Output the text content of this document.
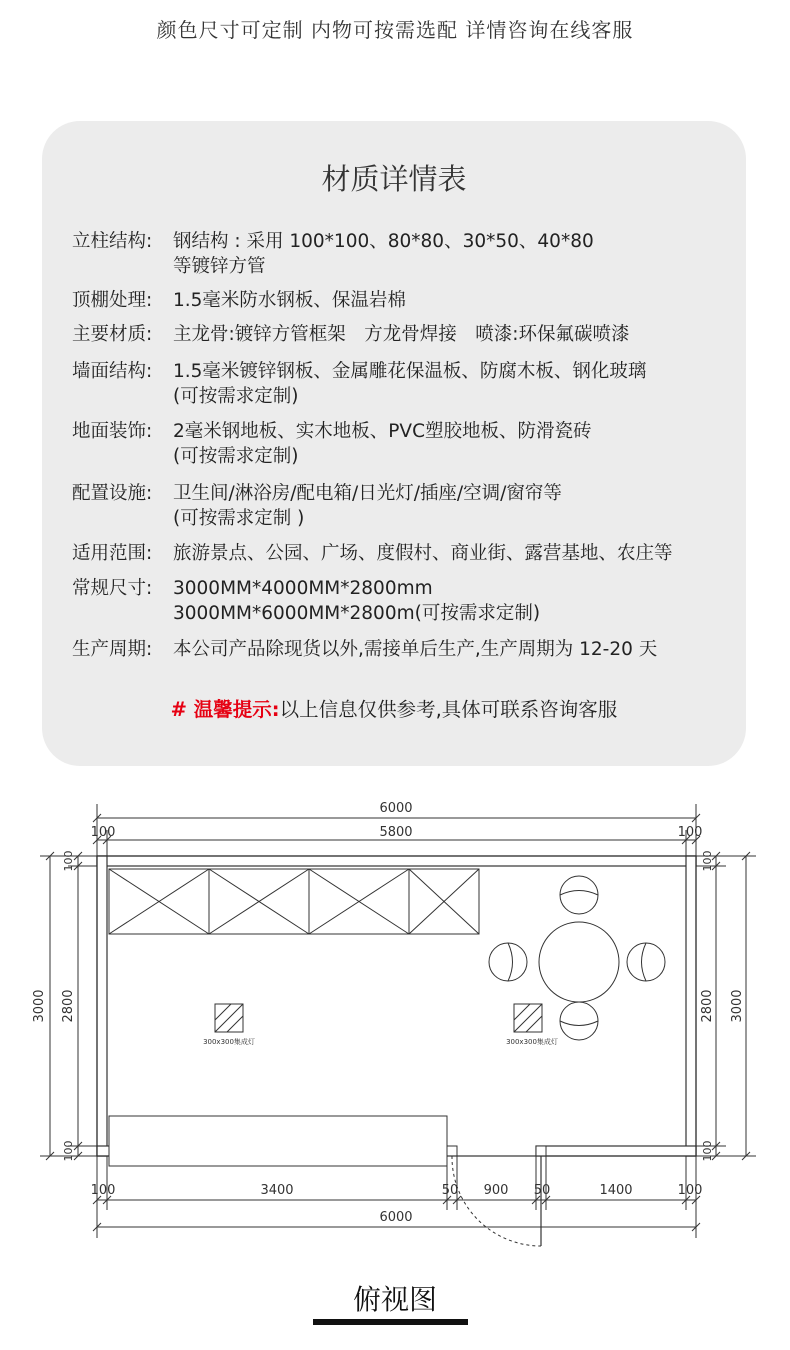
颜色尺寸可定制 内物可按需选配 详情咨询在线客服
材质详情表
立柱结构:	钢结构 : 采用 100*100、80*80、30*50、40*80
等镀锌方管
顶棚处理:	1.5毫米防水钢板、保温岩棉
主要材质:	主龙骨:镀锌方管框架　方龙骨焊接　喷漆:环保氟碳喷漆
墙面结构:	1.5毫米镀锌钢板、金属雕花保温板、防腐木板、钢化玻璃
(可按需求定制)
地面装饰:	2毫米钢地板、实木地板、PVC塑胶地板、防滑瓷砖
(可按需求定制)
配置设施:	卫生间/淋浴房/配电箱/日光灯/插座/空调/窗帘等
(可按需求定制 )
适用范围:	旅游景点、公园、广场、度假村、商业街、露营基地、农庄等
常规尺寸:	3000MM*4000MM*2800mm
3000MM*6000MM*2800m(可按需求定制)
生产周期:	本公司产品除现货以外,需接单后生产,生产周期为 12-20 天
# 温馨提示:以上信息仅供参考,具体可联系咨询客服
300x300集成灯	300x300集成灯
6000
5800
100	100
3000 2800
100
100
2800 3000
100
100
100	3400	50 900 50	1400	100
6000
俯视图
